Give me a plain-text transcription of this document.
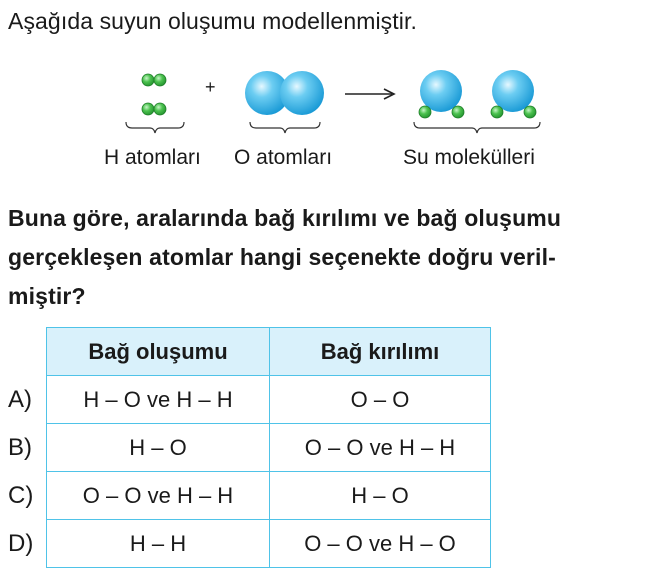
Aşağıda suyun oluşumu modellenmiştir.
+
H atomları O atomları	Su molekülleri
Buna göre, aralarında bağ kırılımı ve bağ oluşumu
gerçekleşen atomlar hangi seçenekte doğru veril-
miştir?
	Bağ oluşumu	Bağ kırılımı
A)	H – O ve H – H	O – O
B)	H – O	O – O ve H – H
C)	O – O ve H – H	H – O
D)	H – H	O – O ve H – O
